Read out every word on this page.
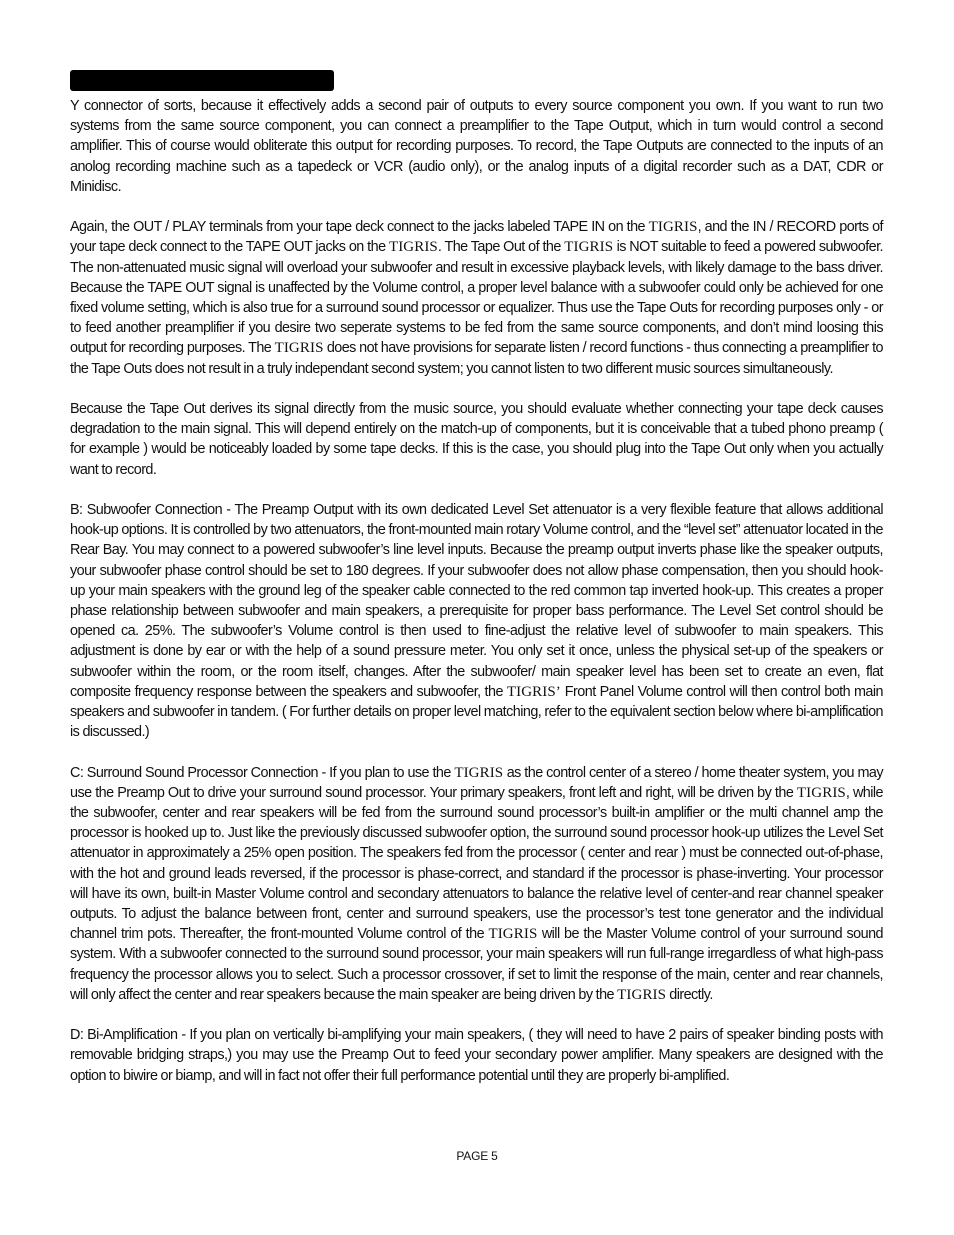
Y connector of sorts, because it effectively adds a second pair of outputs to every source component you own. If you want to run two systems from the same source component, you can connect a preamplifier to the Tape Output, which in turn would control a second amplifier. This of course would obliterate this output for recording purposes. To record, the Tape Outputs are connected to the inputs of an anolog recording machine such as a tapedeck or VCR (audio only), or the analog inputs of a digital recorder such as a DAT, CDR or Minidisc.

Again, the OUT / PLAY terminals from your tape deck connect to the jacks labeled TAPE IN on the TIGRIS, and the IN / RECORD ports of your tape deck connect to the TAPE OUT jacks on the TIGRIS. The Tape Out of the TIGRIS is NOT suitable to feed a powered subwoofer. The non-attenuated music signal will overload your subwoofer and result in excessive playback levels, with likely damage to the bass driver. Because the TAPE OUT signal is unaffected by the Volume control, a proper level balance with a subwoofer could only be achieved for one fixed volume setting, which is also true for a surround sound processor or equalizer. Thus use the Tape Outs for recording purposes only - or to feed another preamplifier if you desire two seperate systems to be fed from the same source components, and don’t mind loosing this output for recording purposes. The TIGRIS does not have provisions for separate listen / record functions - thus connecting a preamplifier to the Tape Outs does not result in a truly independant second system; you cannot listen to two different music sources simultaneously.

Because the Tape Out derives its signal directly from the music source, you should evaluate whether connecting your tape deck causes degradation to the main signal. This will depend entirely on the match-up of components, but it is conceivable that a tubed phono preamp ( for example ) would be noticeably loaded by some tape decks. If this is the case, you should plug into the Tape Out only when you actually want to record.

B: Subwoofer Connection - The Preamp Output with its own dedicated Level Set attenuator is a very flexible feature that allows additional hook-up options. It is controlled by two attenuators, the front-mounted main rotary Volume control, and the “level set” attenuator located in the Rear Bay. You may connect to a powered subwoofer’s line level inputs. Because the preamp output inverts phase like the speaker outputs, your subwoofer phase control should be set to 180 degrees. If your subwoofer does not allow phase compensation, then you should hook-up your main speakers with the ground leg of the speaker cable connected to the red common tap inverted hook-up. This creates a proper phase relationship between subwoofer and main speakers, a prerequisite for proper bass performance. The Level Set control should be opened ca. 25%. The subwoofer’s Volume control is then used to fine-adjust the relative level of subwoofer to main speakers. This adjustment is done by ear or with the help of a sound pressure meter. You only set it once, unless the physical set-up of the speakers or subwoofer within the room, or the room itself, changes. After the subwoofer/ main speaker level has been set to create an even, flat composite frequency response between the speakers and subwoofer, the TIGRIS’ Front Panel Volume control will then control both main speakers and subwoofer in tandem. ( For further details on proper level matching, refer to the equivalent section below where bi-amplification is discussed.)

C: Surround Sound Processor Connection - If you plan to use the TIGRIS as the control center of a stereo / home theater system, you may use the Preamp Out to drive your surround sound processor. Your primary speakers, front left and right, will be driven by the TIGRIS, while the subwoofer, center and rear speakers will be fed from the surround sound processor’s built-in amplifier or the multi channel amp the processor is hooked up to. Just like the previously discussed subwoofer option, the surround sound processor hook-up utilizes the Level Set attenuator in approximately a 25% open position. The speakers fed from the processor ( center and rear ) must be connected out-of-phase, with the hot and ground leads reversed, if the processor is phase-correct, and standard if the processor is phase-inverting. Your processor will have its own, built-in Master Volume control and secondary attenuators to balance the relative level of center-and rear channel speaker outputs. To adjust the balance between front, center and surround speakers, use the processor’s test tone generator and the individual channel trim pots. Thereafter, the front-mounted Volume control of the TIGRIS will be the Master Volume control of your surround sound system. With a subwoofer connected to the surround sound processor, your main speakers will run full-range irregardless of what high-pass frequency the processor allows you to select. Such a processor crossover, if set to limit the response of the main, center and rear channels, will only affect the center and rear speakers because the main speaker are being driven by the TIGRIS directly.

D: Bi-Amplification - If you plan on vertically bi-amplifying your main speakers, ( they will need to have 2 pairs of speaker binding posts with removable bridging straps,) you may use the Preamp Out to feed your secondary power amplifier. Many speakers are designed with the option to biwire or biamp, and will in fact not offer their full performance potential until they are properly bi-amplified.

PAGE 5
